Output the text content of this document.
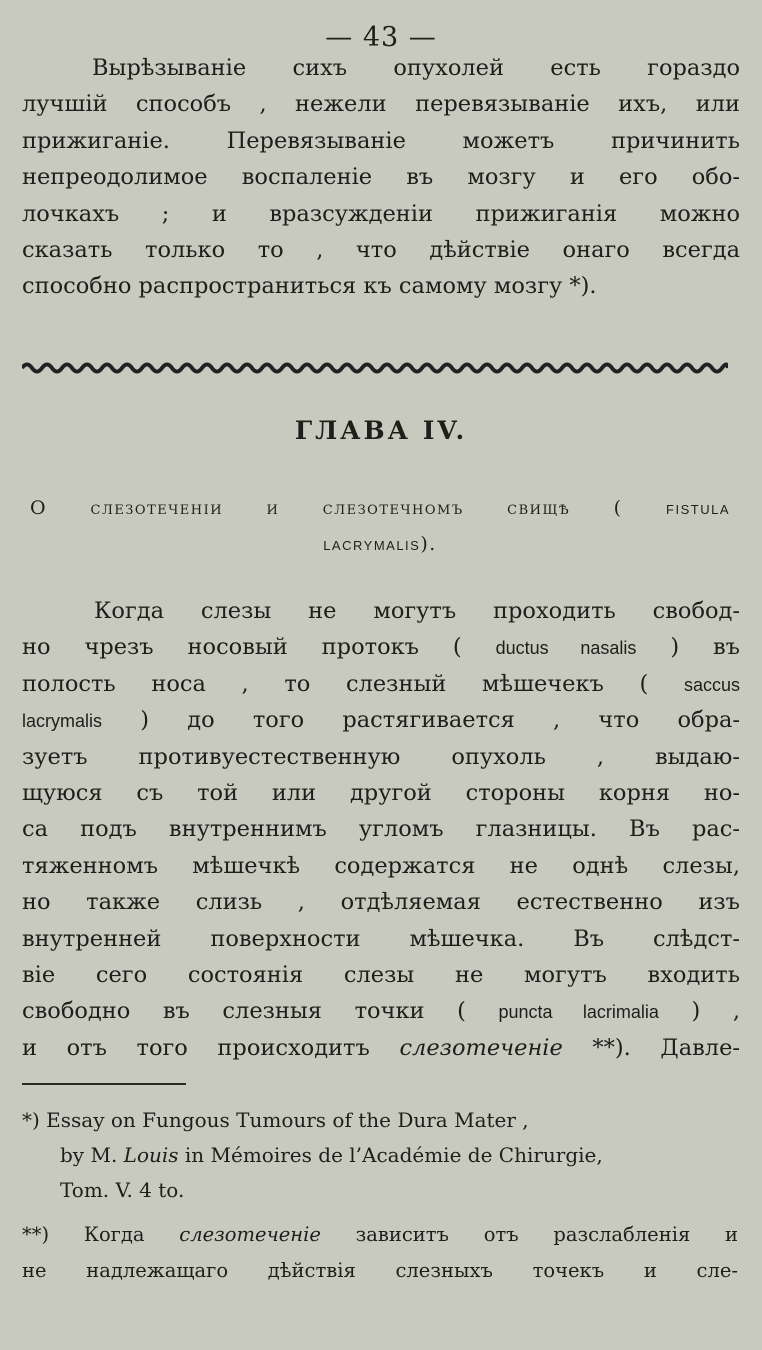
— 43 —
Вырѣзываніе сихъ опухолей есть гораздо
лучшій способъ , нежели перевязываніе ихъ, или
прижиганіе. Перевязываніе можетъ причинить
непреодолимое воспаленіе въ мозгу и его обо-
лочкахъ ; и вразсужденіи прижиганія можно
сказать только то , что дѣйствіе онаго всегда
способно распространиться къ самому мозгу *).
ГЛАВА IV.
О слезотеченіи и слезотечномъ свищѣ ( fistula
lacrymalis).
Когда слезы не могутъ проходить свобод-
но чрезъ носовый протокъ ( ductus nasalis ) въ
полость носа , то слезный мѣшечекъ ( saccus
lacrymalis ) до того растягивается , что обра-
зуетъ противуестественную опухоль , выдаю-
щуюся съ той или другой стороны корня но-
са подъ внутреннимъ угломъ глазницы. Въ рас-
тяженномъ мѣшечкѣ содержатся не однѣ слезы,
но также слизь , отдѣляемая естественно изъ
внутренней поверхности мѣшечка. Въ слѣдст-
віе сего состоянія слезы не могутъ входить
свободно въ слезныя точки ( puncta lacrimalia ) ,
и отъ того происходитъ слезотеченіе **). Давле-
*) Essay on Fungous Tumours of the Dura Mater ,
by M. Louis in Mémoires de l’Académie de Chirurgie,
Tom. V. 4 to.
**) Когда слезотеченіе зависитъ отъ разслабленія и
не надлежащаго дѣйствія слезныхъ точекъ и сле-
